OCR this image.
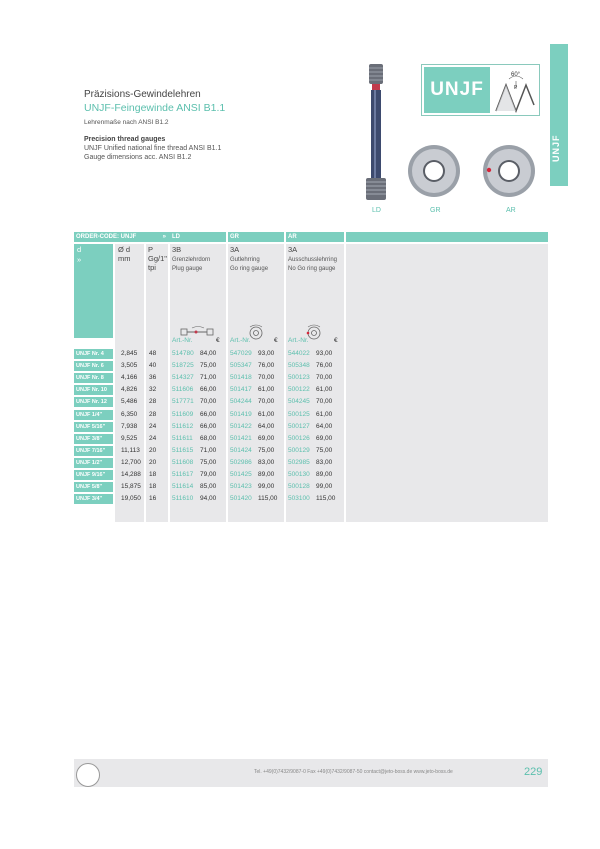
UNJF
Präzisions-Gewindelehren
UNJF-Feingewinde ANSI B1.1
Lehrenmaße nach ANSI B1.2
Precision thread gauges
UNJF Unified national fine thread ANSI B1.1
Gauge dimensions acc. ANSI B1.2
LD	GR	AR
UNJF
60°
P
ORDER-CODE: UNJF	»	LD	GR	AR
d
»
Ø d
mm
P
Gg/1"
tpi
3B
Grenzlehrdorn
Plug gauge
3A
Gutlehrring
Go ring gauge
3A
Ausschusslehrring
No Go ring gauge
Art.-Nr.	€ Art.-Nr.	€ Art.-Nr.	€
UNJF Nr. 4	2,845 48 514780 84,00 547029 93,00 544022 93,00
UNJF Nr. 6	3,505 40 518725 75,00 505347 76,00 505348 76,00
UNJF Nr. 8	4,166 36 514327 71,00 501418 70,00 500123 70,00
UNJF Nr. 10	4,826 32 511606 66,00 501417 61,00 500122 61,00
UNJF Nr. 12	5,486 28 517771 70,00 504244 70,00 504245 70,00
UNJF 1/4"	6,350 28 511609 66,00 501419 61,00 500125 61,00
UNJF 5/16"	7,938 24 511612 66,00 501422 64,00 500127 64,00
UNJF 3/8"	9,525 24 511611 68,00 501421 69,00 500126 69,00
UNJF 7/16"	11,113 20 511615 71,00 501424 75,00 500129 75,00
UNJF 1/2"	12,700 20 511608 75,00 502986 83,00 502985 83,00
UNJF 9/16"	14,288 18 511617 79,00 501425 89,00 500130 89,00
UNJF 5/8"	15,875 18 511614 85,00 501423 99,00 500128 99,00
UNJF 3/4"	19,050 16 511610 94,00 501420 115,00 503100 115,00
Tel. +49(0)7432/9087-0 Fax +49(0)7432/9087-50 contact@jeto-boss.de www.jeto-boss.de	229
